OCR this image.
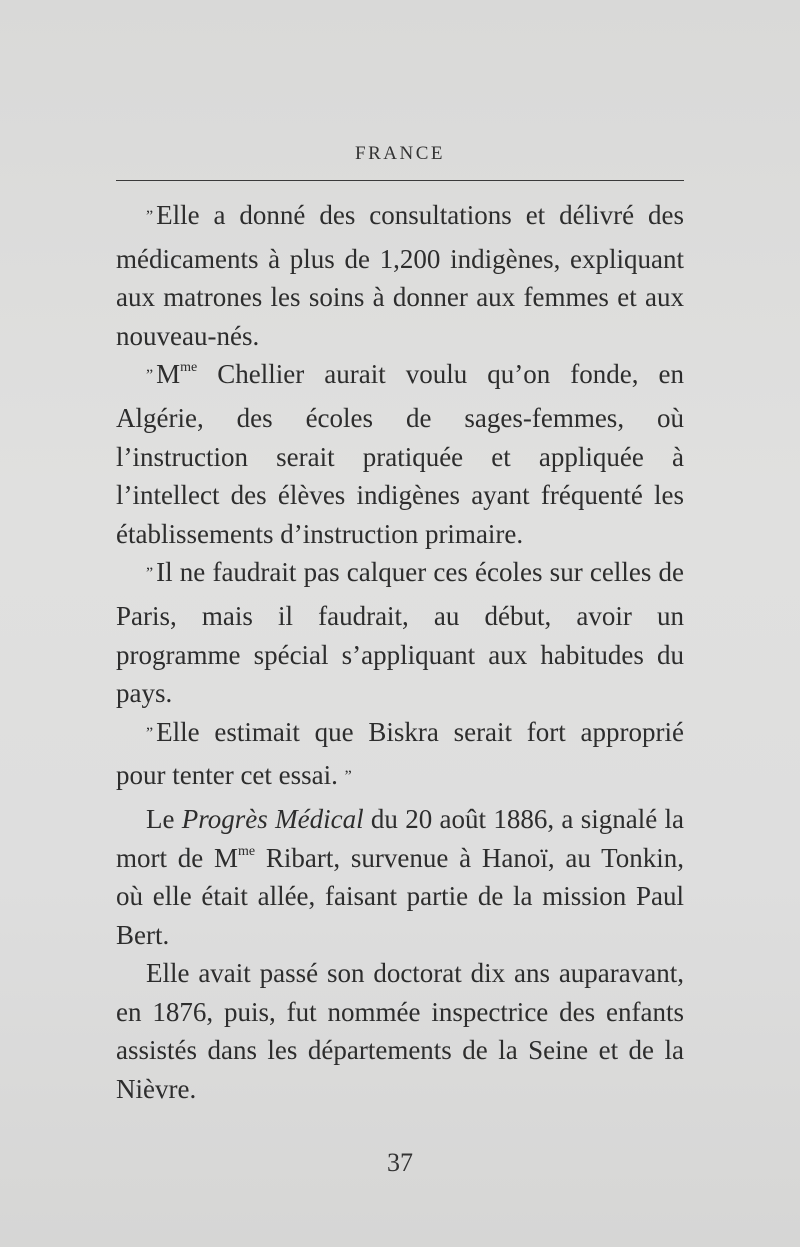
FRANCE

” Elle a donné des consultations et délivré des médicaments à plus de 1,200 indigènes, expliquant aux matrones les soins à donner aux femmes et aux nouveau-nés.

” $M^{me}$ Chellier aurait voulu qu’on fonde, en Algérie, des écoles de sages-femmes, où l’instruction serait pratiquée et appliquée à l’intellect des élèves indigènes ayant fréquenté les établissements d’instruction primaire.

” Il ne faudrait pas calquer ces écoles sur celles de Paris, mais il faudrait, au début, avoir un programme spécial s’appliquant aux habitudes du pays.

” Elle estimait que Biskra serait fort approprié pour tenter cet essai. ”

Le Progrès Médical du 20 août 1886, a signalé la mort de $M^{me}$ Ribart, survenue à Hanoï, au Tonkin, où elle était allée, faisant partie de la mission Paul Bert.

Elle avait passé son doctorat dix ans auparavant, en 1876, puis, fut nommée inspectrice des enfants assistés dans les départements de la Seine et de la Nièvre.

37
